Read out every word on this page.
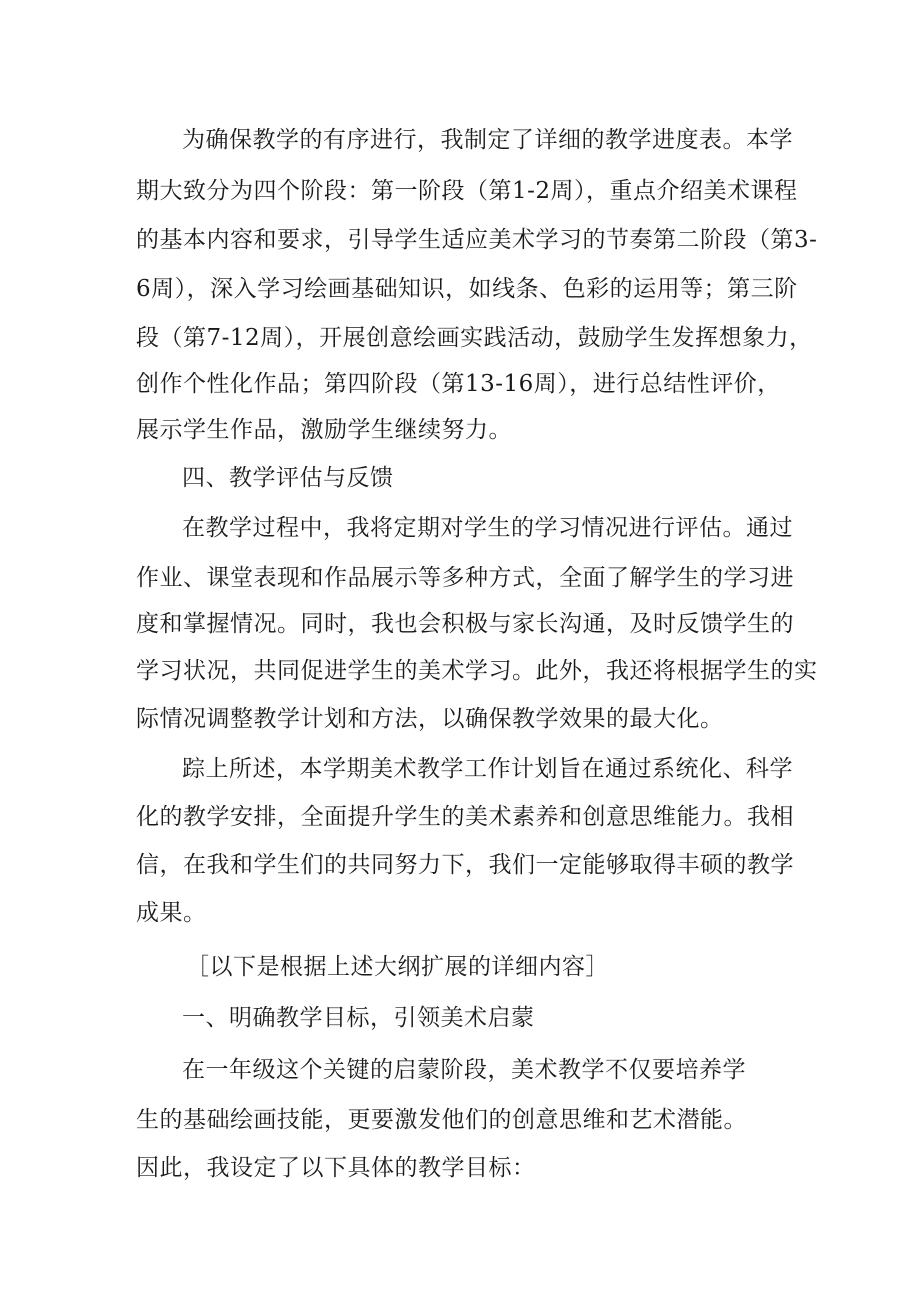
为确保教学的有序进行，我制定了详细的教学进度表。本学
期大致分为四个阶段：第一阶段（第1-2周），重点介绍美术课程
的基本内容和要求，引导学生适应美术学习的节奏第二阶段（第3-
6周），深入学习绘画基础知识，如线条、色彩的运用等；第三阶
段（第7-12周），开展创意绘画实践活动，鼓励学生发挥想象力，
创作个性化作品；第四阶段（第13-16周），进行总结性评价，
展示学生作品，激励学生继续努力。
四、教学评估与反馈
在教学过程中，我将定期对学生的学习情况进行评估。通过
作业、课堂表现和作品展示等多种方式，全面了解学生的学习进
度和掌握情况。同时，我也会积极与家长沟通，及时反馈学生的
学习状况，共同促进学生的美术学习。此外，我还将根据学生的实
际情况调整教学计划和方法，以确保教学效果的最大化。
踪上所述，本学期美术教学工作计划旨在通过系统化、科学
化的教学安排，全面提升学生的美术素养和创意思维能力。我相
信，在我和学生们的共同努力下，我们一定能够取得丰硕的教学
成果。
［以下是根据上述大纲扩展的详细内容］
一、明确教学目标，引领美术启蒙
在一年级这个关键的启蒙阶段，美术教学不仅要培养学
生的基础绘画技能，更要激发他们的创意思维和艺术潜能。
因此，我设定了以下具体的教学目标：
